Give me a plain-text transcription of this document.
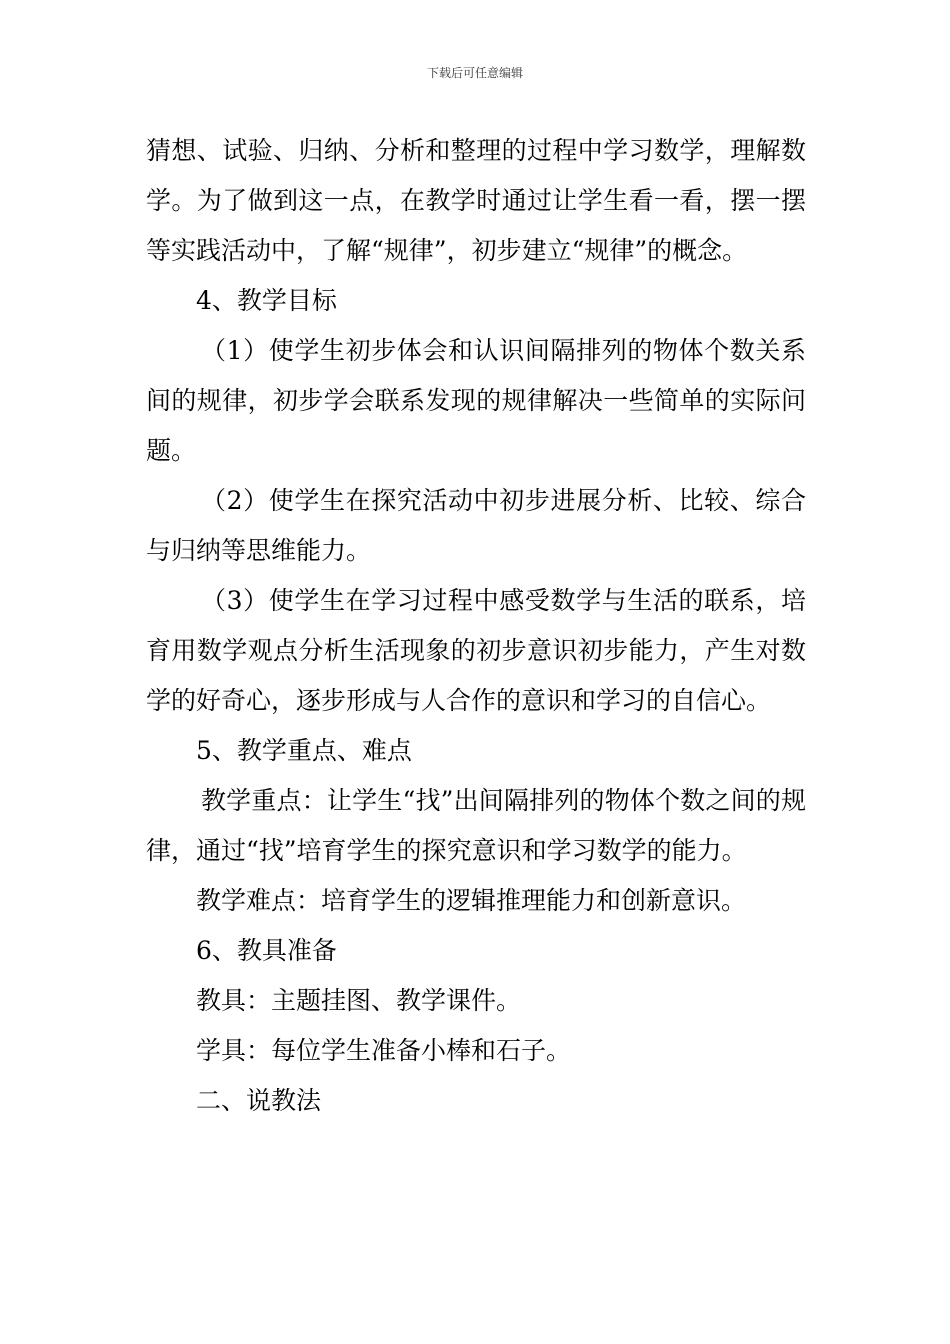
下载后可任意编辑

猜想、试验、归纳、分析和整理的过程中学习数学，理解数学。为了做到这一点，在教学时通过让学生看一看，摆一摆等实践活动中，了解“规律”，初步建立“规律”的概念。

4、教学目标

（1）使学生初步体会和认识间隔排列的物体个数关系间的规律，初步学会联系发现的规律解决一些简单的实际问题。

（2）使学生在探究活动中初步进展分析、比较、综合与归纳等思维能力。

（3）使学生在学习过程中感受数学与生活的联系，培育用数学观点分析生活现象的初步意识初步能力，产生对数学的好奇心，逐步形成与人合作的意识和学习的自信心。

5、教学重点、难点

教学重点：让学生“找”出间隔排列的物体个数之间的规律，通过“找”培育学生的探究意识和学习数学的能力。

教学难点：培育学生的逻辑推理能力和创新意识。

6、教具准备

教具：主题挂图、教学课件。

学具：每位学生准备小棒和石子。

二、说教法
